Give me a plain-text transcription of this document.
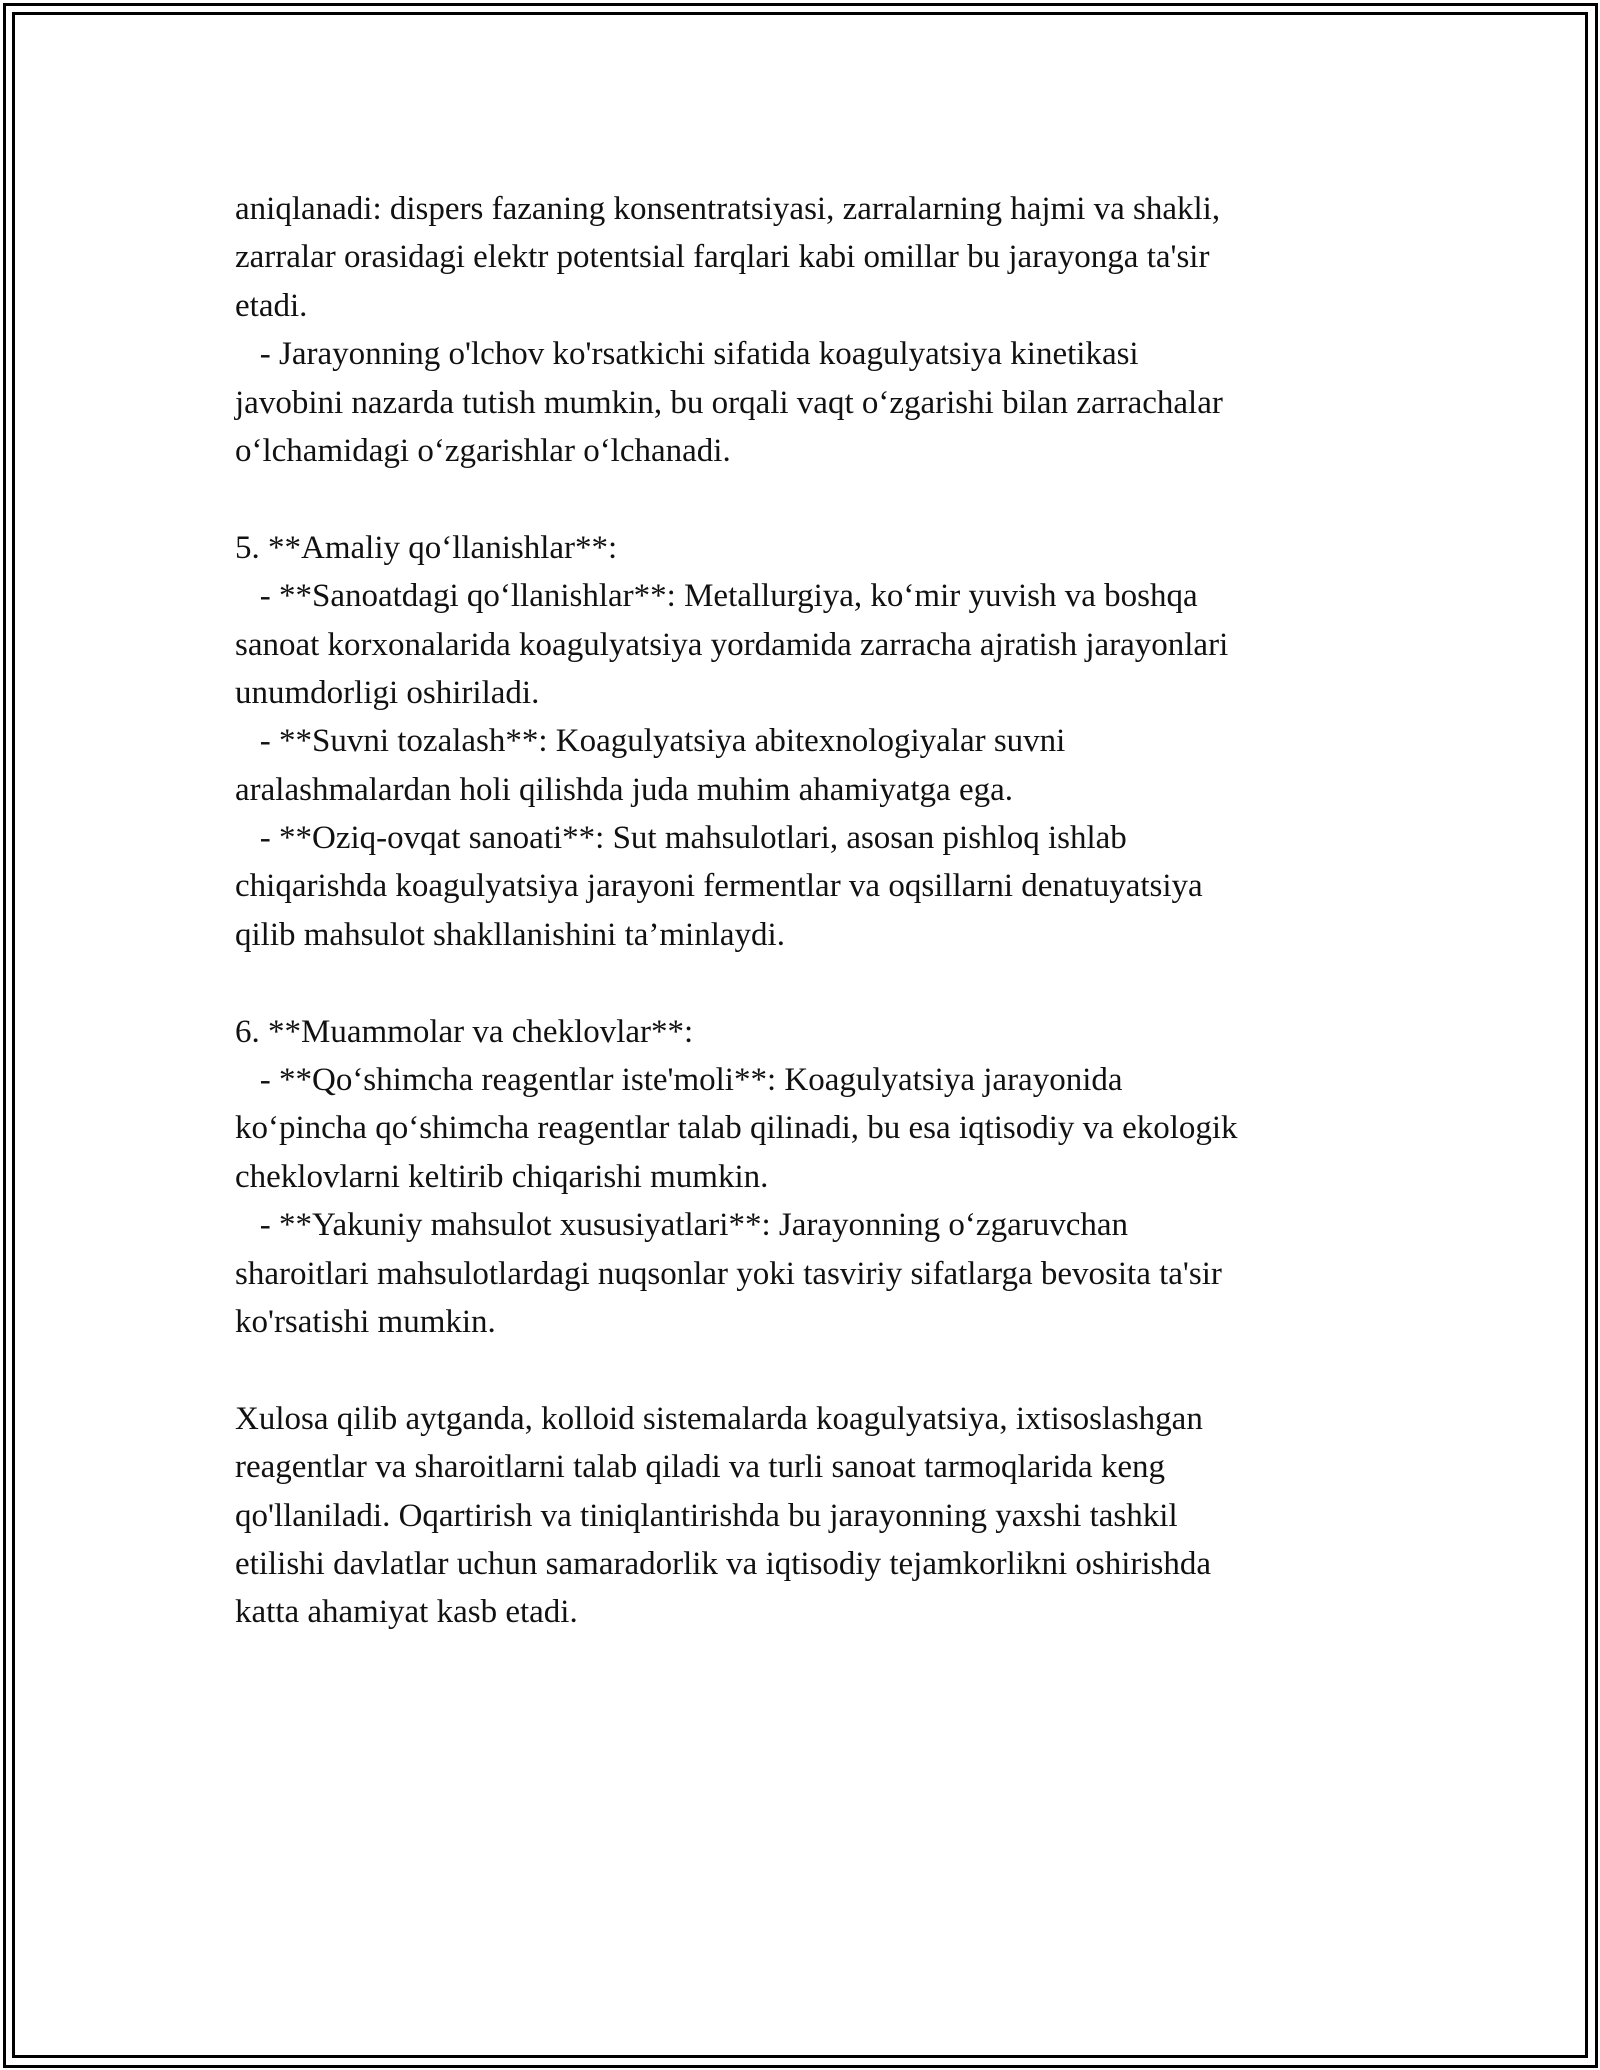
aniqlanadi: dispers fazaning konsentratsiyasi, zarralarning hajmi va shakli,
zarralar orasidagi elektr potentsial farqlari kabi omillar bu jarayonga ta'sir
etadi.
- Jarayonning o'lchov ko'rsatkichi sifatida koagulyatsiya kinetikasi
javobini nazarda tutish mumkin, bu orqali vaqt o‘zgarishi bilan zarrachalar
o‘lchamidagi o‘zgarishlar o‘lchanadi.
5. **Amaliy qo‘llanishlar**:
- **Sanoatdagi qo‘llanishlar**: Metallurgiya, ko‘mir yuvish va boshqa
sanoat korxonalarida koagulyatsiya yordamida zarracha ajratish jarayonlari
unumdorligi oshiriladi.
- **Suvni tozalash**: Koagulyatsiya abitexnologiyalar suvni
aralashmalardan holi qilishda juda muhim ahamiyatga ega.
- **Oziq-ovqat sanoati**: Sut mahsulotlari, asosan pishloq ishlab
chiqarishda koagulyatsiya jarayoni fermentlar va oqsillarni denatuyatsiya
qilib mahsulot shakllanishini ta’minlaydi.
6. **Muammolar va cheklovlar**:
- **Qo‘shimcha reagentlar iste'moli**: Koagulyatsiya jarayonida
ko‘pincha qo‘shimcha reagentlar talab qilinadi, bu esa iqtisodiy va ekologik
cheklovlarni keltirib chiqarishi mumkin.
- **Yakuniy mahsulot xususiyatlari**: Jarayonning o‘zgaruvchan
sharoitlari mahsulotlardagi nuqsonlar yoki tasviriy sifatlarga bevosita ta'sir
ko'rsatishi mumkin.
Xulosa qilib aytganda, kolloid sistemalarda koagulyatsiya, ixtisoslashgan
reagentlar va sharoitlarni talab qiladi va turli sanoat tarmoqlarida keng
qo'llaniladi. Oqartirish va tiniqlantirishda bu jarayonning yaxshi tashkil
etilishi davlatlar uchun samaradorlik va iqtisodiy tejamkorlikni oshirishda
katta ahamiyat kasb etadi.
